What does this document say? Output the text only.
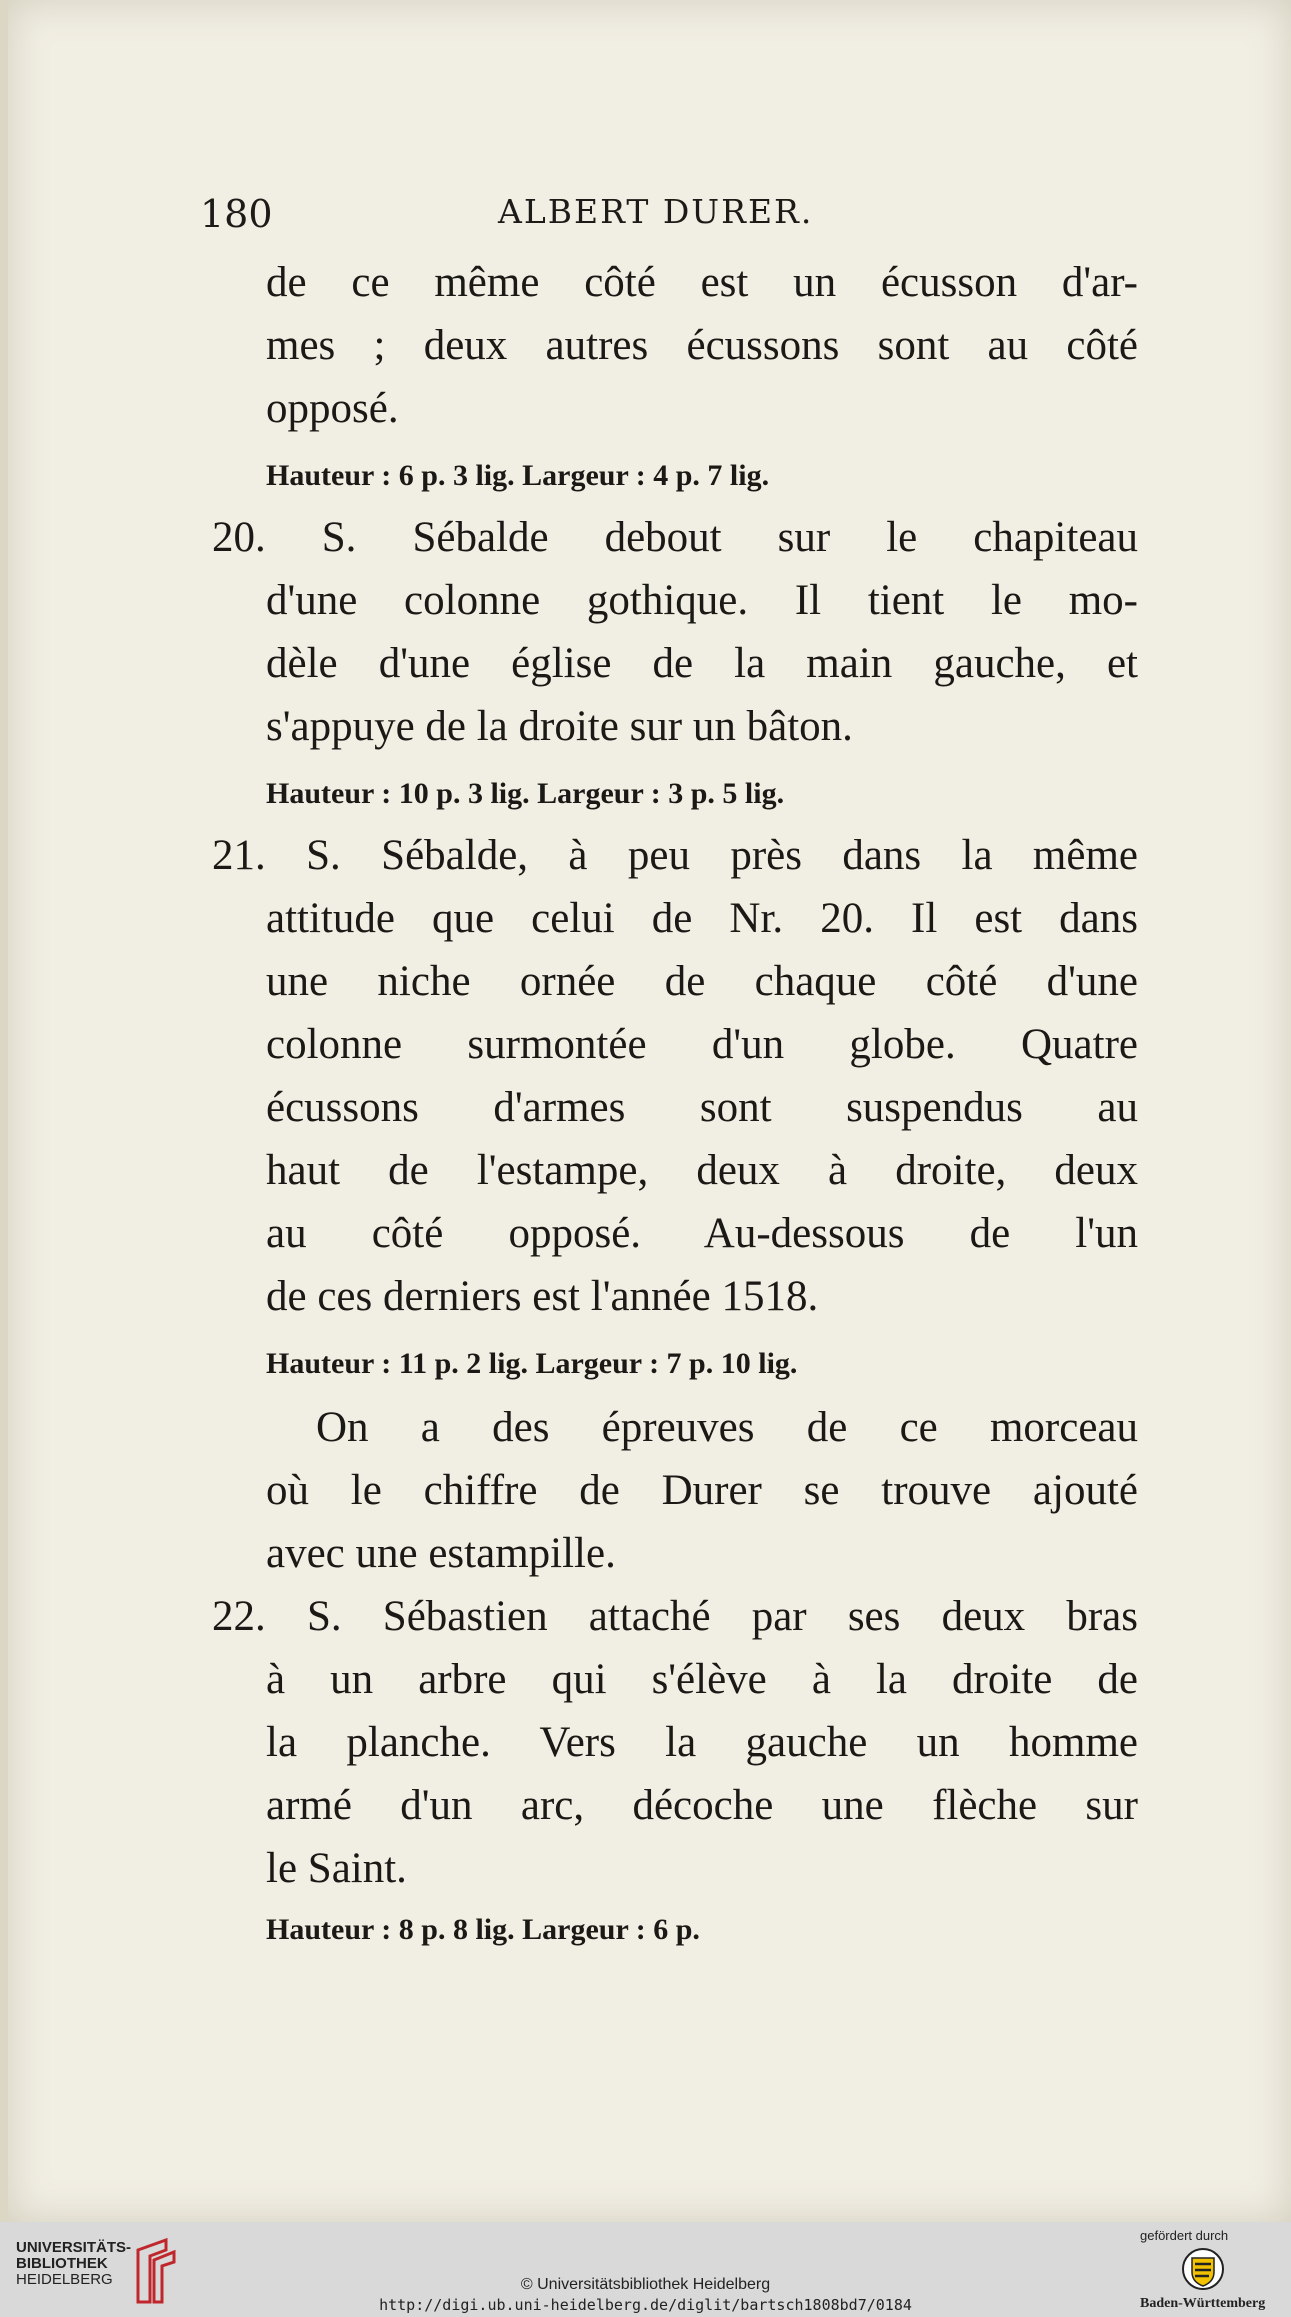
180	ALBERT DURER.
de ce même côté est un écusson d'ar-
mes ; deux autres écussons sont au côté
opposé.
Hauteur : 6 p. 3 lig. Largeur : 4 p. 7 lig.
20. S. Sébalde debout sur le chapiteau
d'une colonne gothique. Il tient le mo-
dèle d'une église de la main gauche, et
s'appuye de la droite sur un bâton.
Hauteur : 10 p. 3 lig. Largeur : 3 p. 5 lig.
21. S. Sébalde, à peu près dans la même
attitude que celui de Nr. 20. Il est dans
une niche ornée de chaque côté d'une
colonne surmontée d'un globe. Quatre
écussons d'armes sont suspendus au
haut de l'estampe, deux à droite, deux
au côté opposé. Au-dessous de l'un
de ces derniers est l'année 1518.
Hauteur : 11 p. 2 lig. Largeur : 7 p. 10 lig.
On a des épreuves de ce morceau
où le chiffre de Durer se trouve ajouté
avec une estampille.
22. S. Sébastien attaché par ses deux bras
à un arbre qui s'élève à la droite de
la planche. Vers la gauche un homme
armé d'un arc, décoche une flèche sur
le Saint.
Hauteur : 8 p. 8 lig. Largeur : 6 p.
UNIVERSITÄTS-
BIBLIOTHEK
HEIDELBERG	© Universitätsbibliothek Heidelberg
http://digi.ub.uni-heidelberg.de/diglit/bartsch1808bd7/0184
gefördert durch
Baden-Württemberg
